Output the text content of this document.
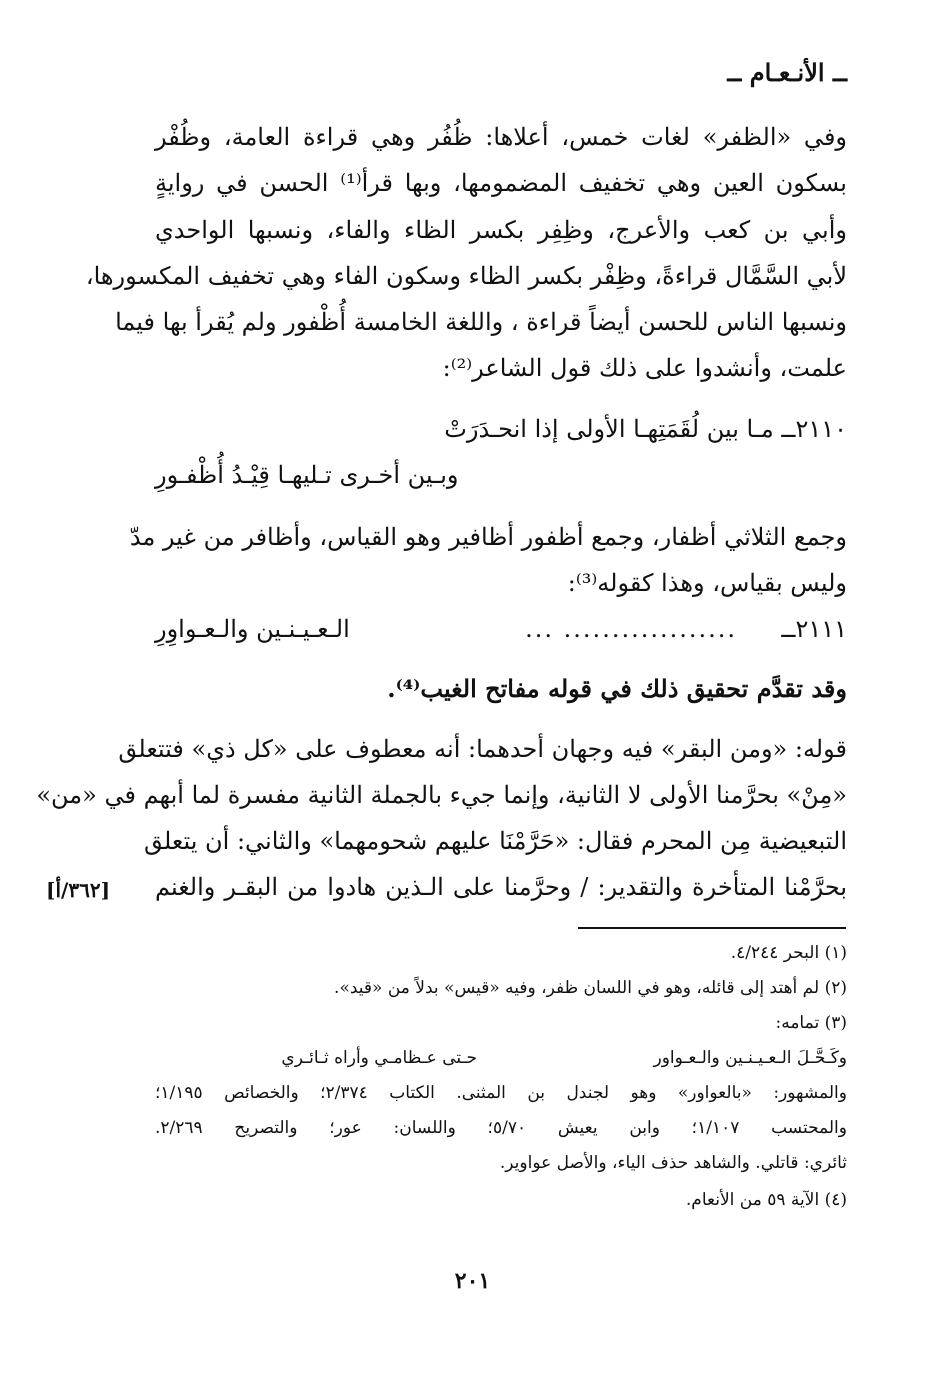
ــ الأنـعـام ــ
وفي «الظفر» لغات خمس، أعلاها: ظُفُر وهي قراءة العامة، وظُفْر
بسكون العين وهي تخفيف المضمومها، وبها قرأ⁽¹⁾ الحسن في روايةٍ
وأبي بن كعب والأعرج، وظِفِر بكسر الظاء والفاء، ونسبها الواحدي
لأبي السَّمَّال قراءةً، وظِفْر بكسر الظاء وسكون الفاء وهي تخفيف المكسورها،
ونسبها الناس للحسن أيضاً قراءة ، واللغة الخامسة أُظْفور ولم يُقرأ بها فيما
علمت، وأنشدوا على ذلك قول الشاعر⁽²⁾:
٢١١٠ــ مـا بين لُقَمَتِهـا الأولى إذا انحـدَرَتْ
وبـين أخـرى تـليهـا قِيْـدُ أُظْفـورِ
وجمع الثلاثي أظفار، وجمع أظفور أظافير وهو القياس، وأظافر من غير مدّ
وليس بقياس، وهذا كقوله⁽³⁾:
٢١١١ــ
.................. ...
الـعـيـنـين والـعـواوِرِ
وقد تقدَّم تحقيق ذلك في قوله مفاتح الغيب⁽⁴⁾.
قوله: «ومن البقر» فيه وجهان أحدهما: أنه معطوف على «كل ذي» فتتعلق
«مِنْ» بحرَّمنا الأولى لا الثانية، وإنما جيء بالجملة الثانية مفسرة لما أبهم في «من»
التبعيضية مِن المحرم فقال: «حَرَّمْنَا عليهم شحومهما» والثاني: أن يتعلق
بحرَّمْنا المتأخرة والتقدير: / وحرَّمنا على الـذين هادوا من البقـر والغنم
[٣٦٢/أ]
(١) البحر ٤/٢٤٤.
(٢) لم أهتد إلى قائله، وهو في اللسان ظفر، وفيه «قيس» بدلاً من «قيد».
(٣) تمامه:
حـتى عـظامـي وأراه ثـائـري	وكَـحَّـلَ الـعـيـنـين والـعـواور
والمشهور: «بالعواور» وهو لجندل بن المثنى. الكتاب ٢/٣٧٤؛ والخصائص ١/١٩٥؛
والمحتسب ١/١٠٧؛ وابن يعيش ٥/٧٠؛ واللسان: عور؛ والتصريح ٢/٢٦٩.
ثائري: قاتلي. والشاهد حذف الياء، والأصل عواوير.
(٤) الآية ٥٩ من الأنعام.
٢٠١
